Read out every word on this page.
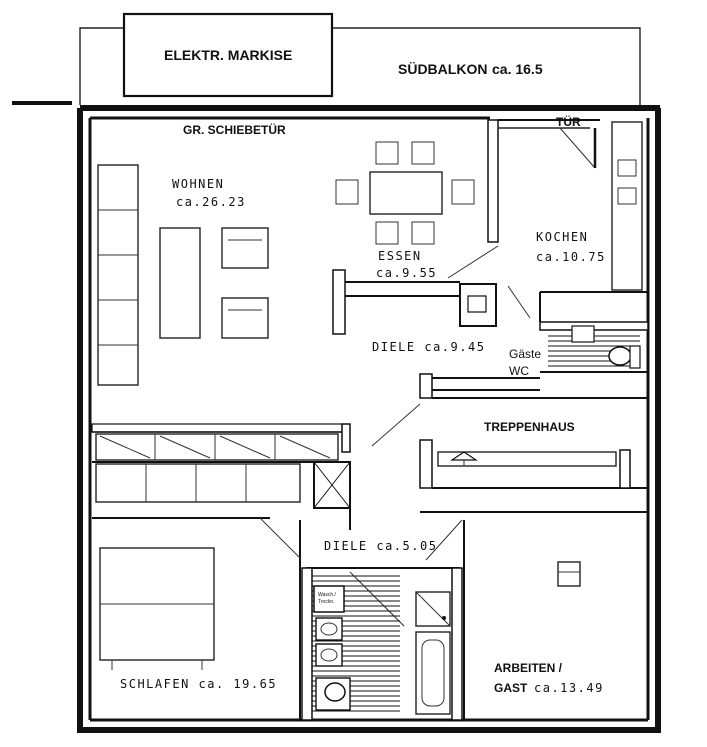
ELEKTR. MARKISE
SÜDBALKON ca. 16.5
GR. SCHIEBETÜR
TÜR
WOHNEN
ca.26.23
ESSEN
ca.9.55
KOCHEN
ca.10.75
DIELE ca.9.45 Gäste
WC
TREPPENHAUS
DIELE ca.5.05
Wasch./
Trockn.
ARBEITEN /
GAST ca.13.49
SCHLAFEN ca. 19.65
